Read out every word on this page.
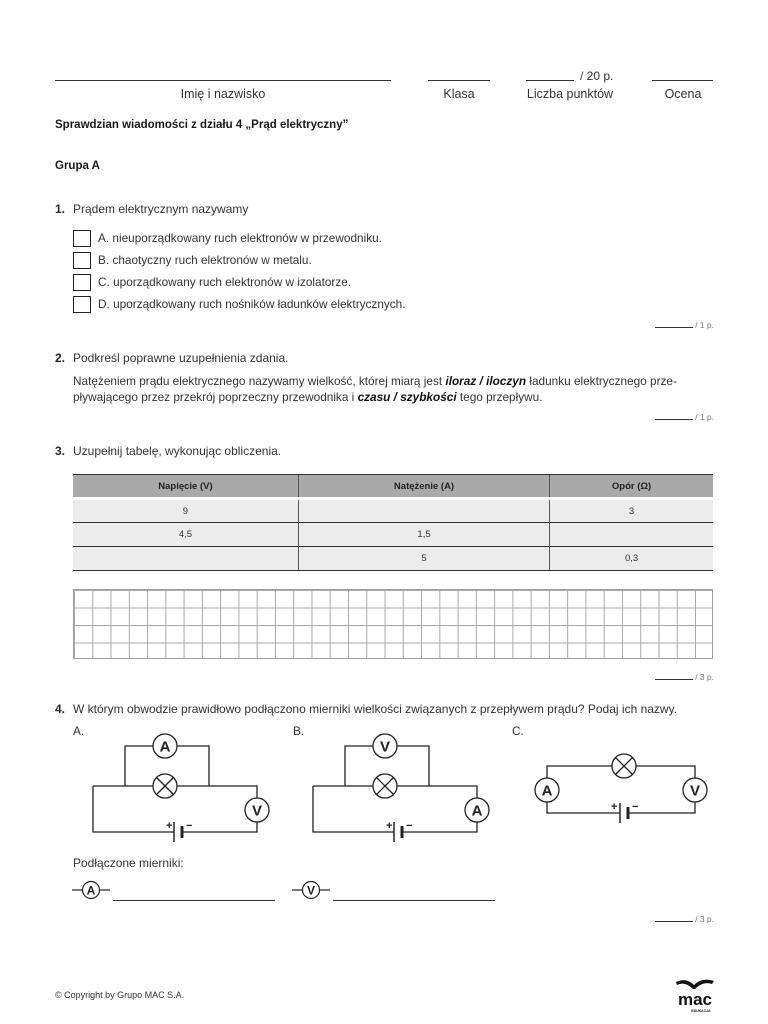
Imię i nazwisko	Klasa
/ 20 p.
Liczba punktów	Ocena
Sprawdzian wiadomości z działu 4 „Prąd elektryczny”
Grupa A
1. Prądem elektrycznym nazywamy
A. nieuporządkowany ruch elektronów w przewodniku.
B. chaotyczny ruch elektronów w metalu.
C. uporządkowany ruch elektronów w izolatorze.
D. uporządkowany ruch nośników ładunków elektrycznych.
/ 1 p.
2. Podkreśl poprawne uzupełnienia zdania.
Natężeniem prądu elektrycznego nazywamy wielkość, której miarą jest iloraz / iloczyn ładunku elektrycznego prze-pływającego przez przekrój poprzeczny przewodnika i czasu / szybkości tego przepływu.
/ 1 p.
3. Uzupełnij tabelę, wykonując obliczenia.
Napięcie (V)	Natężenie (A)	Opór (Ω)
9		3
4,5	1,5	
	5	0,3
/ 3 p.
4. W którym obwodzie prawidłowo podłączono mierniki wielkości związanych z przepływem prądu? Podaj ich nazwy.
A.
A
V
+ −
B.
V
A
+ −
C.
A	V
+ −
Podłączone mierniki:
A	V
/ 3 p.
© Copyright by Grupo MAC S.A.	mac
EDUKACJA
